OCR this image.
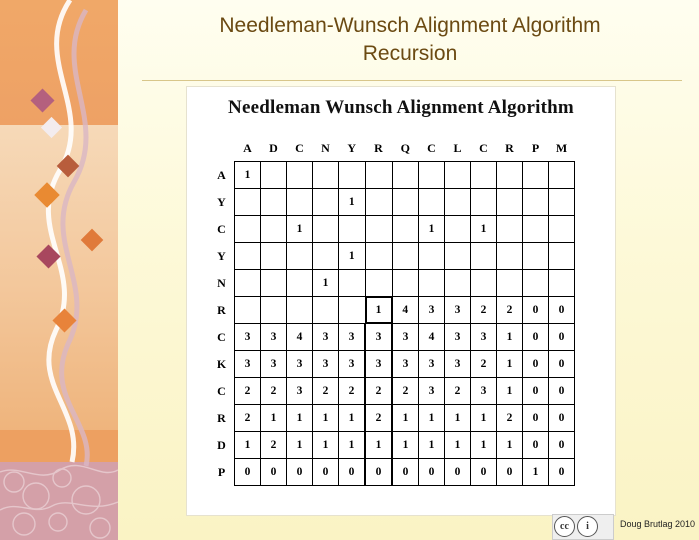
Needleman-Wunsch Alignment Algorithm
Recursion
Needleman Wunsch Alignment Algorithm
	A	D	C	N	Y	R	Q	C	L	C	R	P	M
A	1												
Y					1								
C			1					1		1			
Y					1								
N				1									
R						1	4	3	3	2	2	0	0
C	3	3	4	3	3	3	3	4	3	3	1	0	0
K	3	3	3	3	3	3	3	3	3	2	1	0	0
C	2	2	3	2	2	2	2	3	2	3	1	0	0
R	2	1	1	1	1	2	1	1	1	1	2	0	0
D	1	2	1	1	1	1	1	1	1	1	1	0	0
P	0	0	0	0	0	0	0	0	0	0	0	1	0
cc	i	Doug Brutlag 2010
